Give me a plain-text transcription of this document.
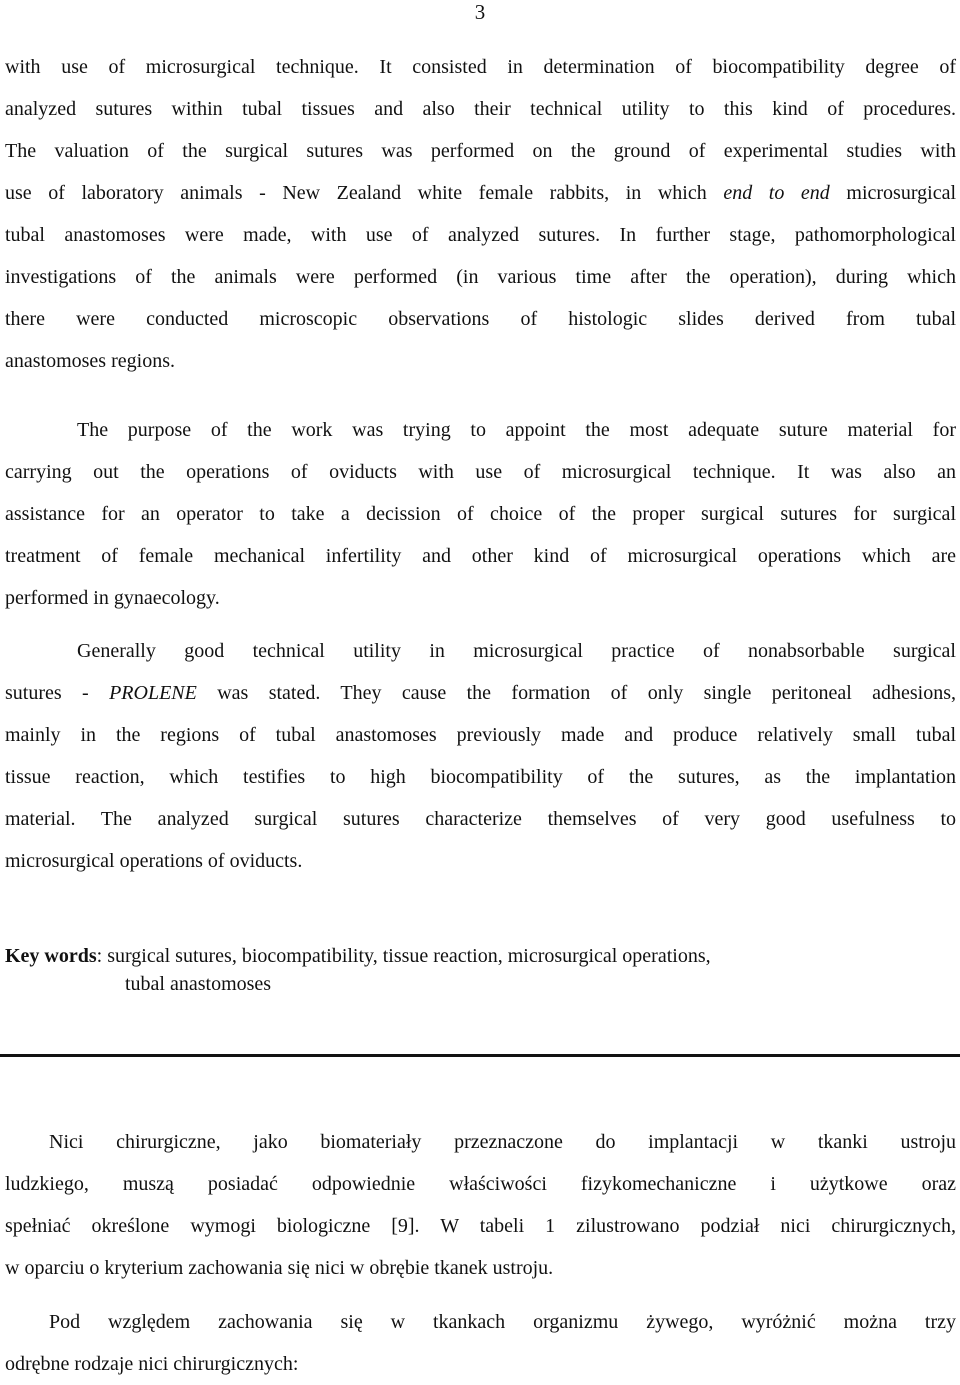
3
with use of microsurgical technique. It consisted in determination of biocompatibility degree of
analyzed sutures within tubal tissues and also their technical utility to this kind of procedures.
The valuation of the surgical sutures was performed on the ground of experimental studies with
use of laboratory animals - New Zealand white female rabbits, in which end to end microsurgical
tubal anastomoses were made, with use of analyzed sutures. In further stage, pathomorphological
investigations of the animals were performed (in various time after the operation), during which
there were conducted microscopic observations of histologic slides derived from tubal
anastomoses regions.
The purpose of the work was trying to appoint the most adequate suture material for
carrying out the operations of oviducts with use of microsurgical technique. It was also an
assistance for an operator to take a decission of choice of the proper surgical sutures for surgical
treatment of female mechanical infertility and other kind of microsurgical operations which are
performed in gynaecology.
Generally good technical utility in microsurgical practice of nonabsorbable surgical
sutures - PROLENE was stated. They cause the formation of only single peritoneal adhesions,
mainly in the regions of tubal anastomoses previously made and produce relatively small tubal
tissue reaction, which testifies to high biocompatibility of the sutures, as the implantation
material. The analyzed surgical sutures characterize themselves of very good usefulness to
microsurgical operations of oviducts.
Key words: surgical sutures, biocompatibility, tissue reaction, microsurgical operations,
tubal anastomoses
Nici chirurgiczne, jako biomateriały przeznaczone do implantacji w tkanki ustroju
ludzkiego, muszą posiadać odpowiednie właściwości fizykomechaniczne i użytkowe oraz
spełniać określone wymogi biologiczne [9]. W tabeli 1 zilustrowano podział nici chirurgicznych,
w oparciu o kryterium zachowania się nici w obrębie tkanek ustroju.
Pod względem zachowania się w tkankach organizmu żywego, wyróżnić można trzy
odrębne rodzaje nici chirurgicznych:
